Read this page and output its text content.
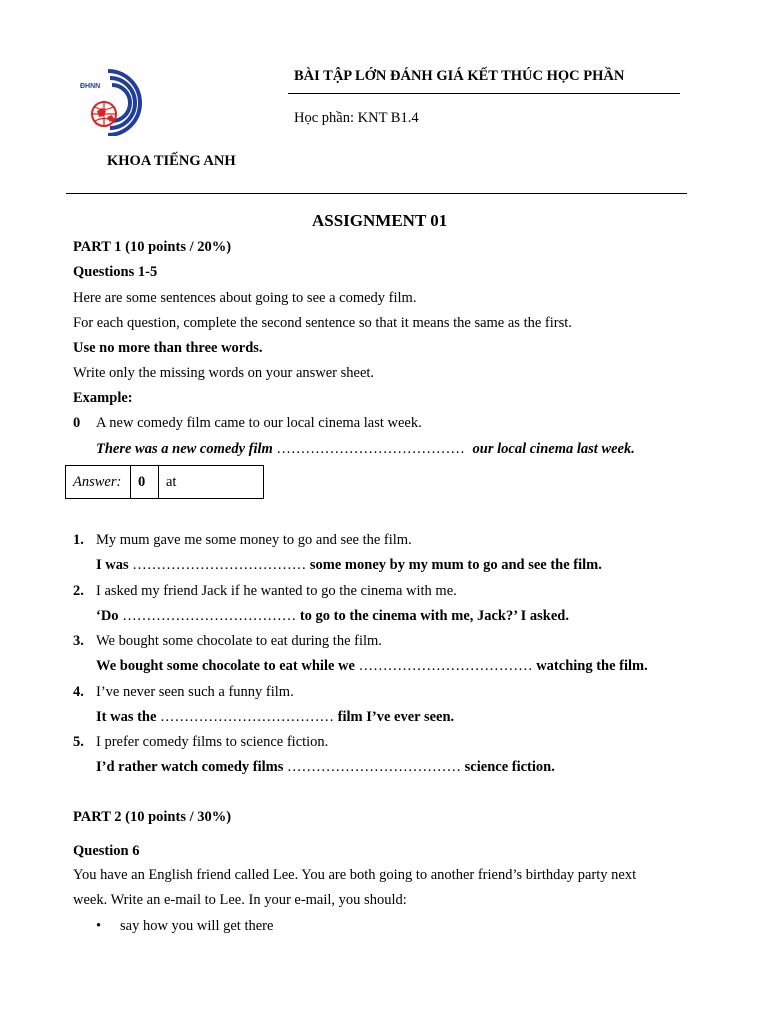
ĐHNN
BÀI TẬP LỚN ĐÁNH GIÁ KẾT THÚC HỌC PHẦN
Học phần: KNT B1.4
KHOA TIẾNG ANH
ASSIGNMENT 01
PART 1 (10 points / 20%)
Questions 1-5
Here are some sentences about going to see a comedy film.
For each question, complete the second sentence so that it means the same as the first.
Use no more than three words.
Write only the missing words on your answer sheet.
Example:
0 A new comedy film came to our local cinema last week.
There was a new comedy film ………………………………… our local cinema last week.
Answer:	0	at
1. My mum gave me some money to go and see the film.
I was ……………………………… some money by my mum to go and see the film.
2. I asked my friend Jack if he wanted to go the cinema with me.
‘Do ……………………………… to go to the cinema with me, Jack?’ I asked.
3. We bought some chocolate to eat during the film.
We bought some chocolate to eat while we ……………………………… watching the film.
4. I’ve never seen such a funny film.
It was the ……………………………… film I’ve ever seen.
5. I prefer comedy films to science fiction.
I’d rather watch comedy films ……………………………… science fiction.
PART 2 (10 points / 30%)
Question 6
You have an English friend called Lee. You are both going to another friend’s birthday party next
week. Write an e-mail to Lee. In your e-mail, you should:
• say how you will get there
